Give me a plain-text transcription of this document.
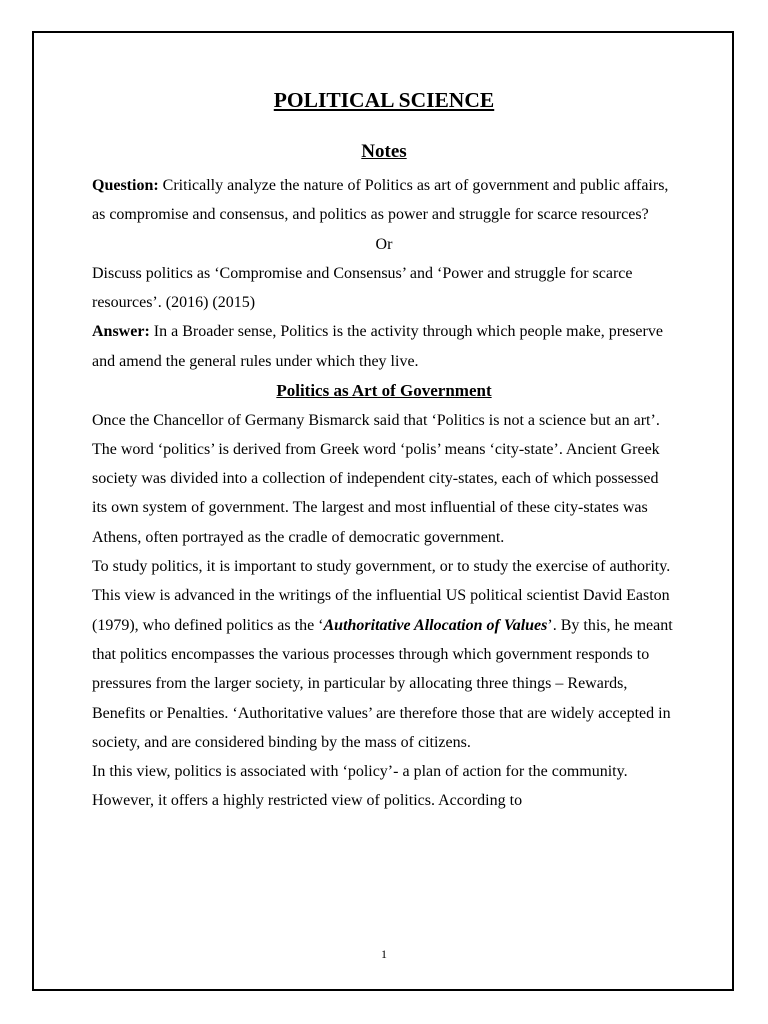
POLITICAL SCIENCE
Notes

Question: Critically analyze the nature of Politics as art of government and public affairs, as compromise and consensus, and politics as power and struggle for scarce resources?

Or

Discuss politics as ‘Compromise and Consensus’ and ‘Power and struggle for scarce resources’. (2016) (2015)

Answer: In a Broader sense, Politics is the activity through which people make, preserve and amend the general rules under which they live.

Politics as Art of Government

Once the Chancellor of Germany Bismarck said that ‘Politics is not a science but an art’. The word ‘politics’ is derived from Greek word ‘polis’ means ‘city-state’. Ancient Greek society was divided into a collection of independent city-states, each of which possessed its own system of government. The largest and most influential of these city-states was Athens, often portrayed as the cradle of democratic government.

To study politics, it is important to study government, or to study the exercise of authority. This view is advanced in the writings of the influential US political scientist David Easton (1979), who defined politics as the ‘Authoritative Allocation of Values’. By this, he meant that politics encompasses the various processes through which government responds to pressures from the larger society, in particular by allocating three things – Rewards, Benefits or Penalties. ‘Authoritative values’ are therefore those that are widely accepted in society, and are considered binding by the mass of citizens.

In this view, politics is associated with ‘policy’- a plan of action for the community. However, it offers a highly restricted view of politics. According to

1
